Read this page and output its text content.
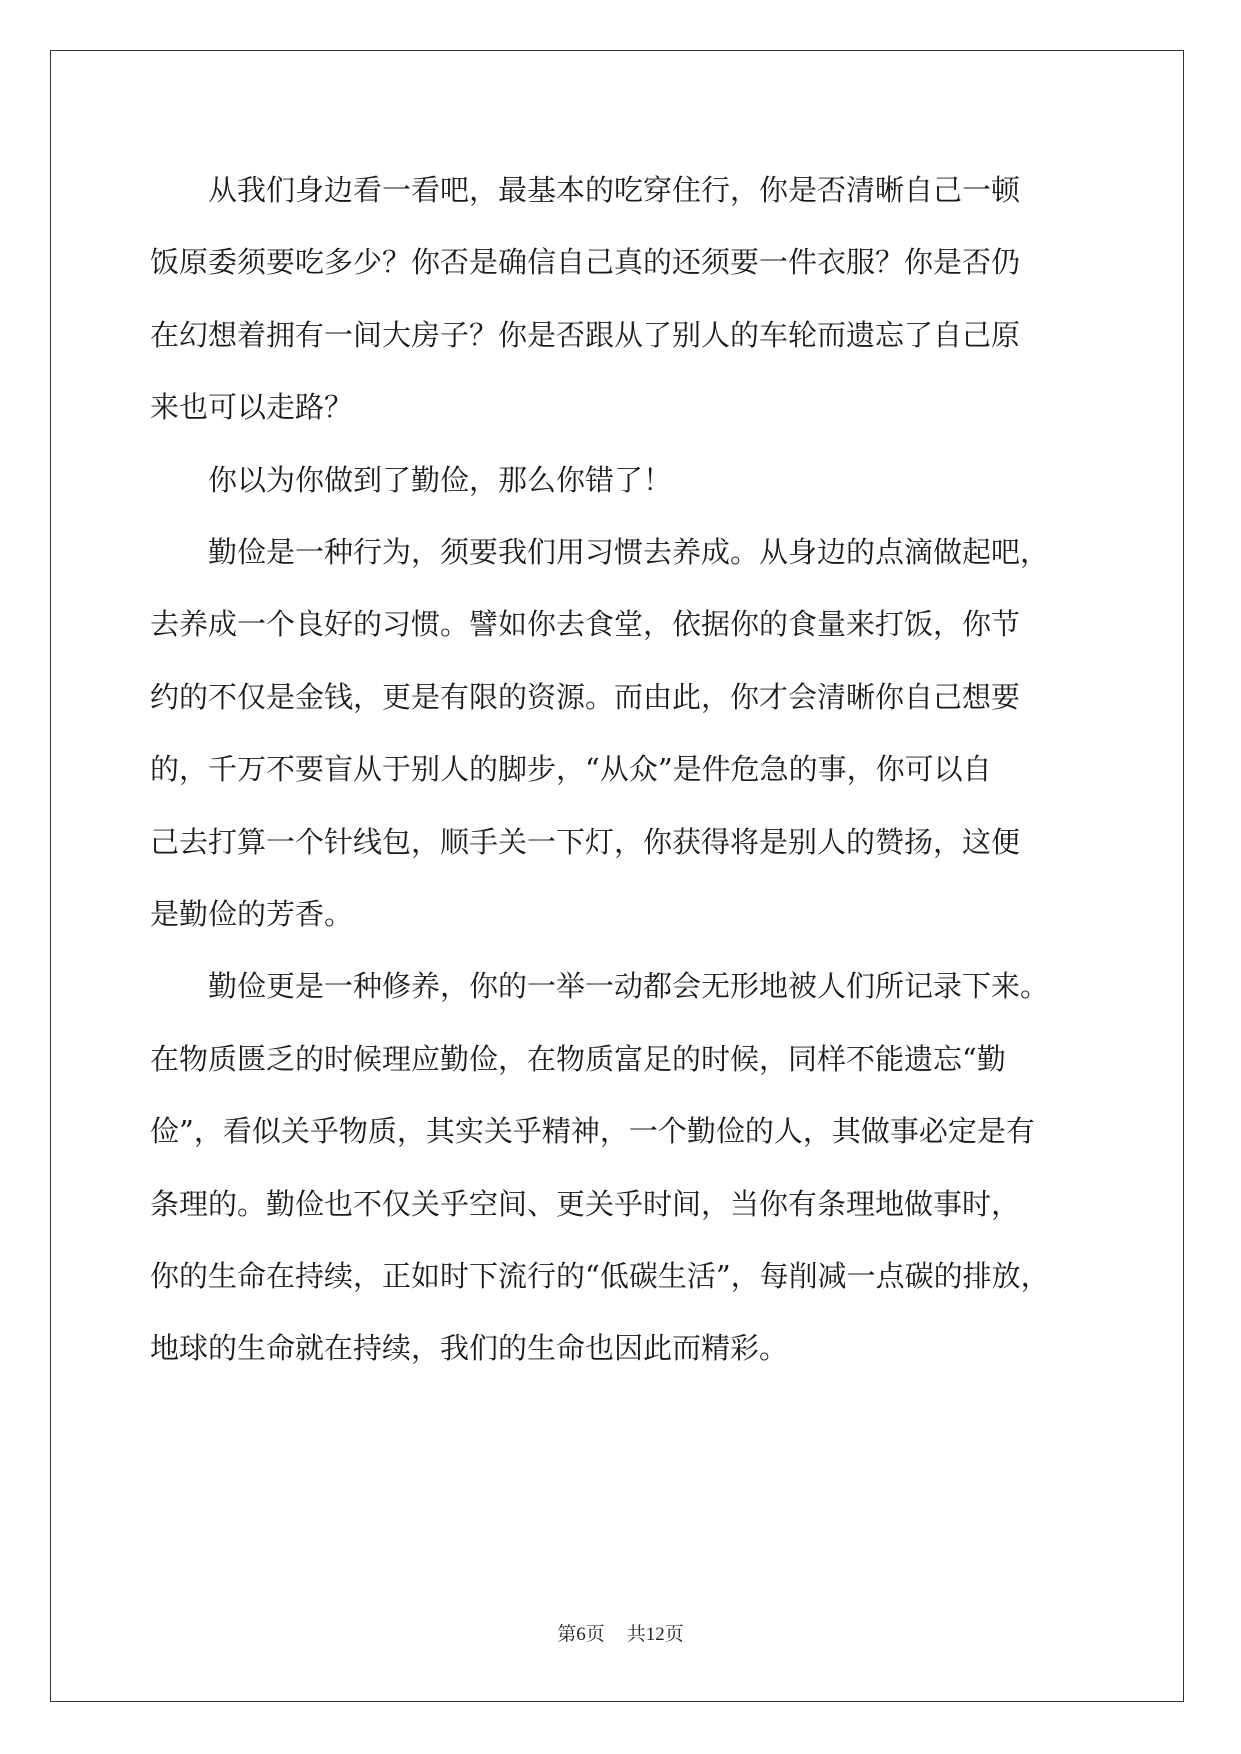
从我们身边看一看吧，最基本的吃穿住行，你是否清晰自己一顿
饭原委须要吃多少？你否是确信自己真的还须要一件衣服？你是否仍
在幻想着拥有一间大房子？你是否跟从了别人的车轮而遗忘了自己原
来也可以走路？
你以为你做到了勤俭，那么你错了！
勤俭是一种行为，须要我们用习惯去养成。从身边的点滴做起吧，
去养成一个良好的习惯。譬如你去食堂，依据你的食量来打饭，你节
约的不仅是金钱，更是有限的资源。而由此，你才会清晰你自己想要
的，千万不要盲从于别人的脚步，“从众”是件危急的事，你可以自
己去打算一个针线包，顺手关一下灯，你获得将是别人的赞扬，这便
是勤俭的芳香。
勤俭更是一种修养，你的一举一动都会无形地被人们所记录下来。
在物质匮乏的时候理应勤俭，在物质富足的时候，同样不能遗忘“勤
俭”，看似关乎物质，其实关乎精神，一个勤俭的人，其做事必定是有
条理的。勤俭也不仅关乎空间、更关乎时间，当你有条理地做事时，
你的生命在持续，正如时下流行的“低碳生活”，每削减一点碳的排放，
地球的生命就在持续，我们的生命也因此而精彩。
第6页 共12页
